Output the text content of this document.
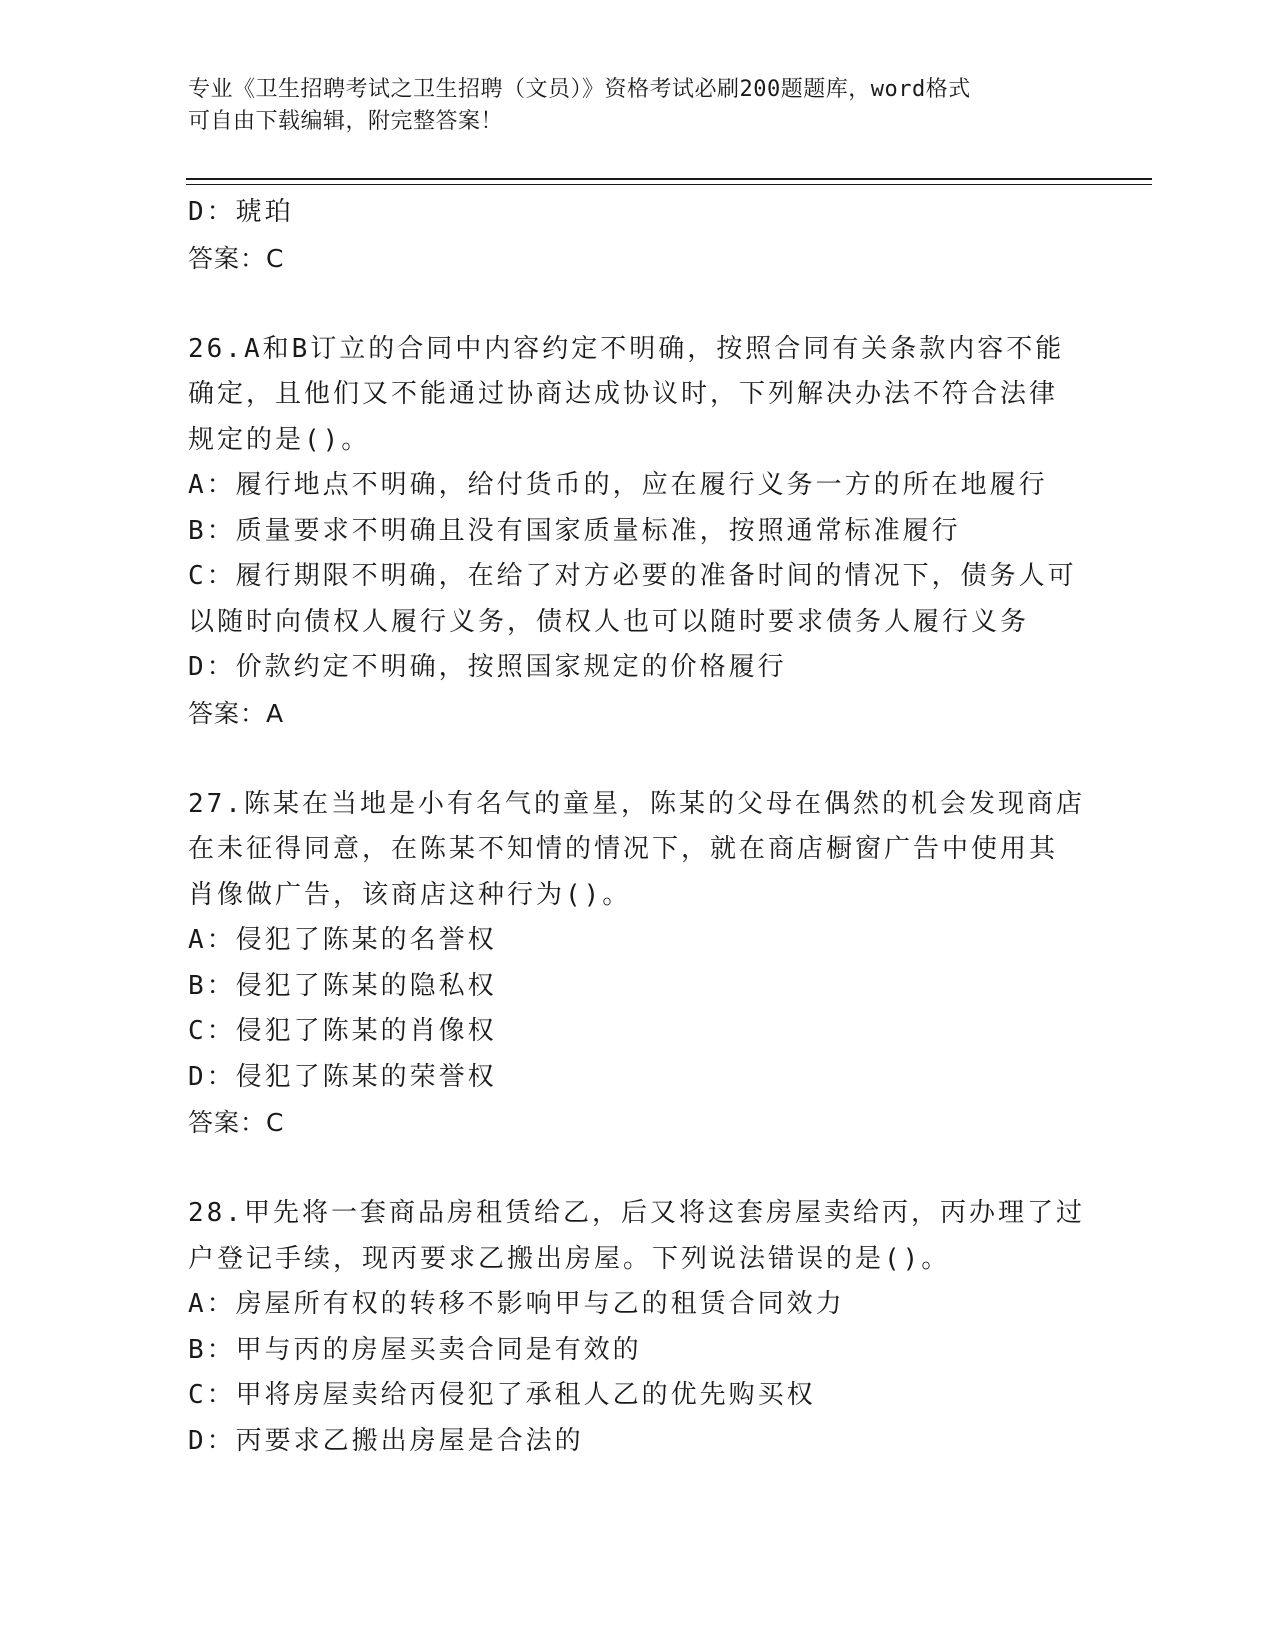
专业《卫生招聘考试之卫生招聘（文员）》资格考试必刷200题题库，word格式
可自由下载编辑，附完整答案！
D：琥珀
答案：C
26.A和B订立的合同中内容约定不明确，按照合同有关条款内容不能
确定，且他们又不能通过协商达成协议时，下列解决办法不符合法律
规定的是()。
A：履行地点不明确，给付货币的，应在履行义务一方的所在地履行
B：质量要求不明确且没有国家质量标准，按照通常标准履行
C：履行期限不明确，在给了对方必要的准备时间的情况下，债务人可
以随时向债权人履行义务，债权人也可以随时要求债务人履行义务
D：价款约定不明确，按照国家规定的价格履行
答案：A
27.陈某在当地是小有名气的童星，陈某的父母在偶然的机会发现商店
在未征得同意，在陈某不知情的情况下，就在商店橱窗广告中使用其
肖像做广告，该商店这种行为()。
A：侵犯了陈某的名誉权
B：侵犯了陈某的隐私权
C：侵犯了陈某的肖像权
D：侵犯了陈某的荣誉权
答案：C
28.甲先将一套商品房租赁给乙，后又将这套房屋卖给丙，丙办理了过
户登记手续，现丙要求乙搬出房屋。下列说法错误的是()。
A：房屋所有权的转移不影响甲与乙的租赁合同效力
B：甲与丙的房屋买卖合同是有效的
C：甲将房屋卖给丙侵犯了承租人乙的优先购买权
D：丙要求乙搬出房屋是合法的
